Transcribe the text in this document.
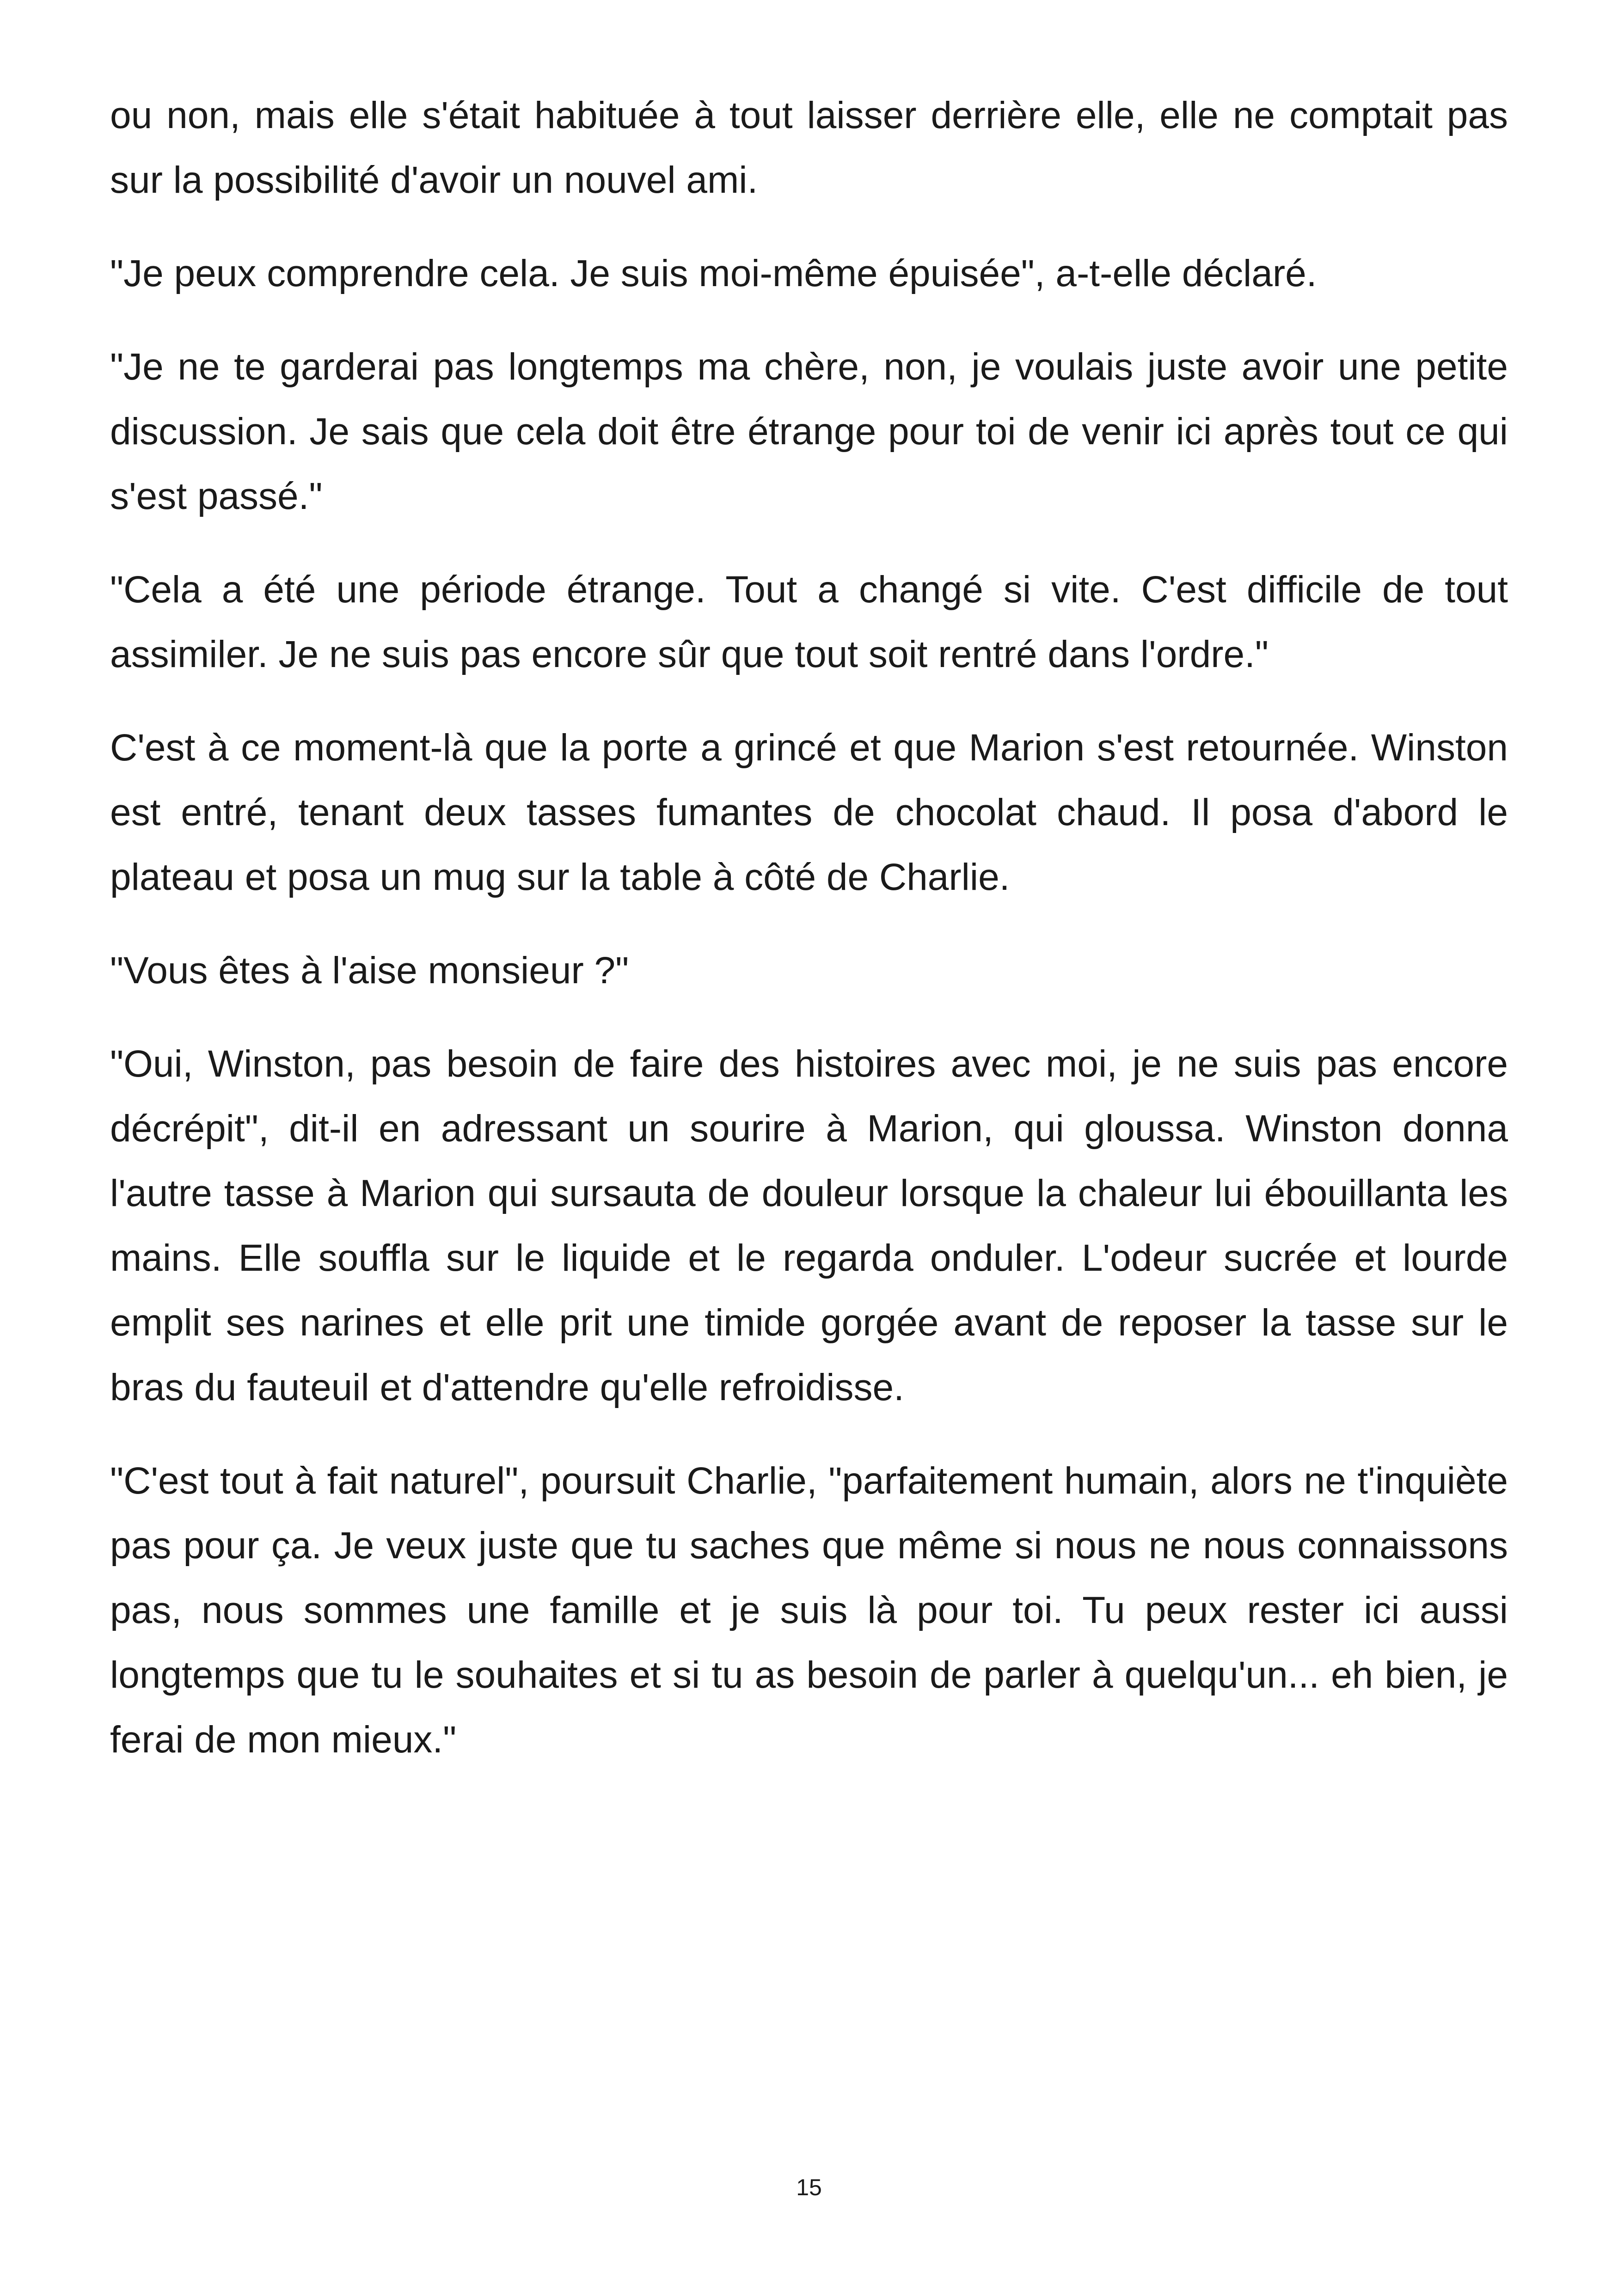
ou non, mais elle s'était habituée à tout laisser derrière elle, elle ne comptait pas sur la possibilité d'avoir un nouvel ami.

"Je peux comprendre cela. Je suis moi-même épuisée", a-t-elle déclaré.

"Je ne te garderai pas longtemps ma chère, non, je voulais juste avoir une petite discussion. Je sais que cela doit être étrange pour toi de venir ici après tout ce qui s'est passé."

"Cela a été une période étrange. Tout a changé si vite. C'est difficile de tout assimiler. Je ne suis pas encore sûr que tout soit rentré dans l'ordre."

C'est à ce moment-là que la porte a grincé et que Marion s'est retournée. Winston est entré, tenant deux tasses fumantes de chocolat chaud. Il posa d'abord le plateau et posa un mug sur la table à côté de Charlie.

"Vous êtes à l'aise monsieur ?"

"Oui, Winston, pas besoin de faire des histoires avec moi, je ne suis pas encore décrépit", dit-il en adressant un sourire à Marion, qui gloussa. Winston donna l'autre tasse à Marion qui sursauta de douleur lorsque la chaleur lui ébouillanta les mains. Elle souffla sur le liquide et le regarda onduler. L'odeur sucrée et lourde emplit ses narines et elle prit une timide gorgée avant de reposer la tasse sur le bras du fauteuil et d'attendre qu'elle refroidisse.

"C'est tout à fait naturel", poursuit Charlie, "parfaitement humain, alors ne t'inquiète pas pour ça. Je veux juste que tu saches que même si nous ne nous connaissons pas, nous sommes une famille et je suis là pour toi. Tu peux rester ici aussi longtemps que tu le souhaites et si tu as besoin de parler à quelqu'un... eh bien, je ferai de mon mieux."

15
